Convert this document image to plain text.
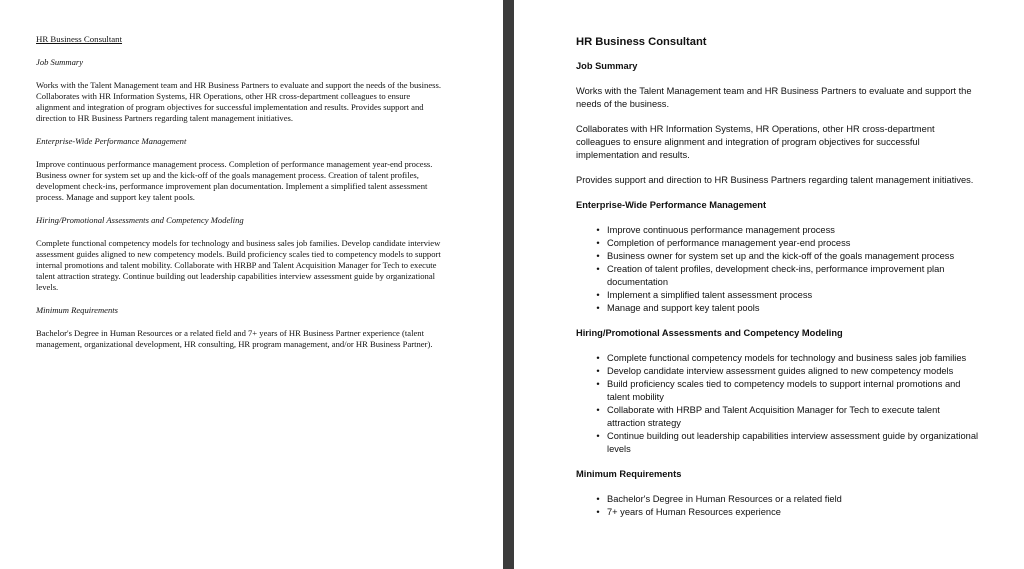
HR Business Consultant
Job Summary
Works with the Talent Management team and HR Business Partners to evaluate and support the needs of the business. Collaborates with HR Information Systems, HR Operations, other HR cross-department colleagues to ensure alignment and integration of program objectives for successful implementation and results. Provides support and direction to HR Business Partners regarding talent management initiatives.
Enterprise-Wide Performance Management
Improve continuous performance management process. Completion of performance management year-end process. Business owner for system set up and the kick-off of the goals management process. Creation of talent profiles, development check-ins, performance improvement plan documentation. Implement a simplified talent assessment process. Manage and support key talent pools.
Hiring/Promotional Assessments and Competency Modeling
Complete functional competency models for technology and business sales job families. Develop candidate interview assessment guides aligned to new competency models. Build proficiency scales tied to competency models to support internal promotions and talent mobility. Collaborate with HRBP and Talent Acquisition Manager for Tech to execute talent attraction strategy. Continue building out leadership capabilities interview assessment guide by organizational levels.
Minimum Requirements
Bachelor's Degree in Human Resources or a related field and 7+ years of HR Business Partner experience (talent management, organizational development, HR consulting, HR program management, and/or HR Business Partner).
HR Business Consultant
Job Summary
Works with the Talent Management team and HR Business Partners to evaluate and support the needs of the business.
Collaborates with HR Information Systems, HR Operations, other HR cross-department colleagues to ensure alignment and integration of program objectives for successful implementation and results.
Provides support and direction to HR Business Partners regarding talent management initiatives.
Enterprise-Wide Performance Management
• Improve continuous performance management process
• Completion of performance management year-end process
• Business owner for system set up and the kick-off of the goals management process
• Creation of talent profiles, development check-ins, performance improvement plan documentation
• Implement a simplified talent assessment process
• Manage and support key talent pools
Hiring/Promotional Assessments and Competency Modeling
• Complete functional competency models for technology and business sales job families
• Develop candidate interview assessment guides aligned to new competency models
• Build proficiency scales tied to competency models to support internal promotions and talent mobility
• Collaborate with HRBP and Talent Acquisition Manager for Tech to execute talent attraction strategy
• Continue building out leadership capabilities interview assessment guide by organizational levels
Minimum Requirements
• Bachelor's Degree in Human Resources or a related field
• 7+ years of Human Resources experience
